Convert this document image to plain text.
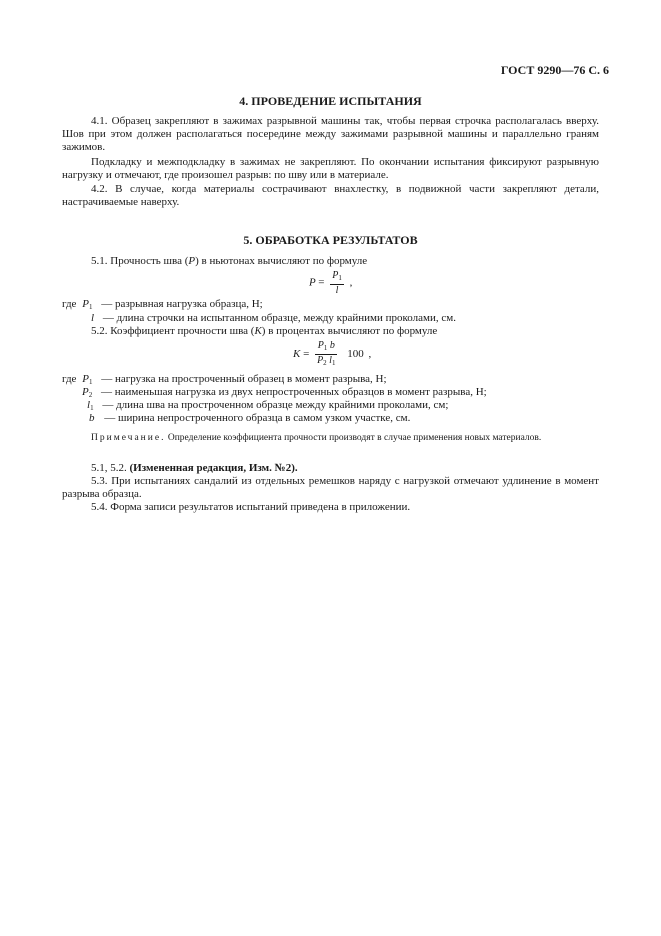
ГОСТ 9290—76 С. 6
4. ПРОВЕДЕНИЕ ИСПЫТАНИЯ
4.1. Образец закрепляют в зажимах разрывной машины так, чтобы первая строчка располагалась вверху. Шов при этом должен располагаться посередине между зажимами разрывной машины и параллельно граням зажимов.
Подкладку и межподкладку в зажимах не закрепляют. По окончании испытания фиксируют разрывную нагрузку и отмечают, где произошел разрыв: по шву или в материале.
4.2. В случае, когда материалы сострачивают внахлестку, в подвижной части закрепляют детали, настрачиваемые наверху.
5. ОБРАБОТКА РЕЗУЛЬТАТОВ
5.1. Прочность шва (P) в ньютонах вычисляют по формуле
$P = \frac{P_1}{l}$ ,
где $P_1$ — разрывная нагрузка образца, Н;
l — длина строчки на испытанном образце, между крайними проколами, см.
5.2. Коэффициент прочности шва (K) в процентах вычисляют по формуле
$K = \frac{P_1 b}{P_2 l_1} 100$ ,
где $P_1$ — нагрузка на простроченный образец в момент разрыва, Н;
$P_2$ — наименьшая нагрузка из двух непростроченных образцов в момент разрыва, Н;
$l_1$ — длина шва на простроченном образце между крайними проколами, см;
b — ширина непростроченного образца в самом узком участке, см.
Примечание. Определение коэффициента прочности производят в случае применения новых материалов.
5.1, 5.2. (Измененная редакция, Изм. №2).
5.3. При испытаниях сандалий из отдельных ремешков наряду с нагрузкой отмечают удлинение в момент разрыва образца.
5.4. Форма записи результатов испытаний приведена в приложении.
